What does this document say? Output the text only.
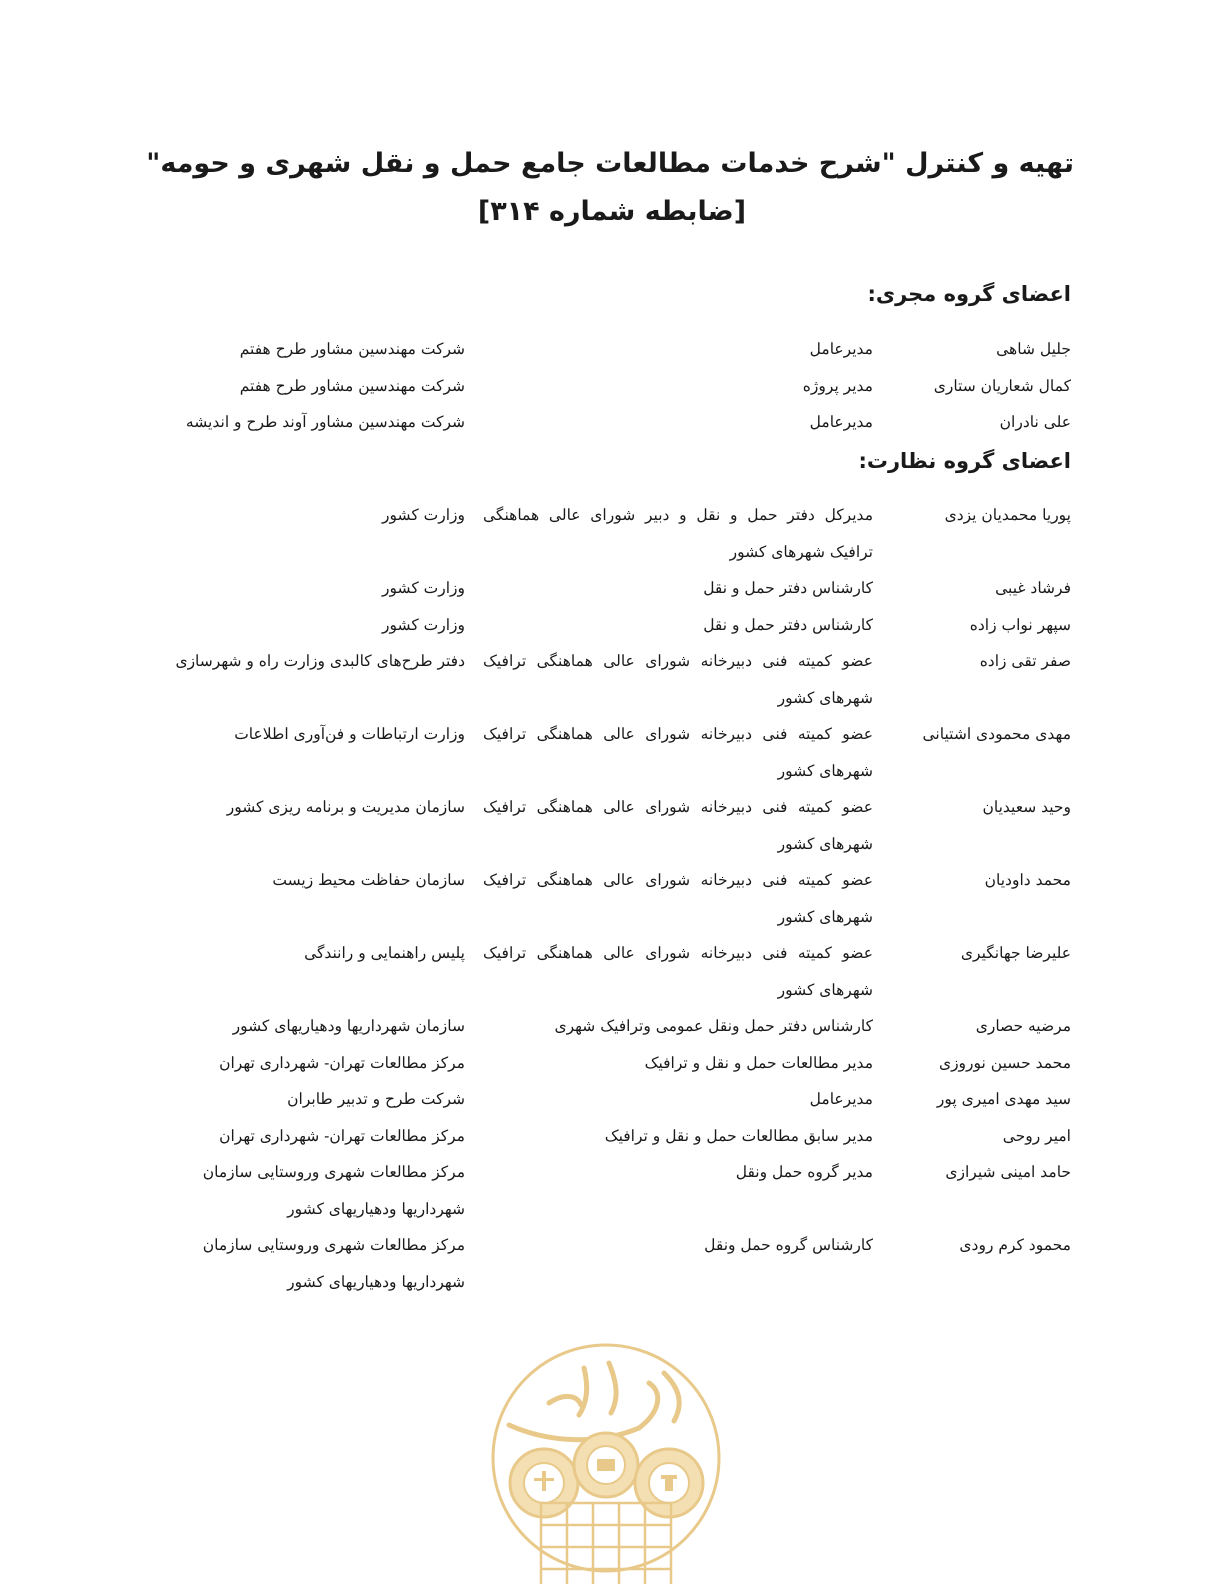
تهیه و کنترل "شرح خدمات مطالعات جامع حمل و نقل شهری و حومه"
[ضابطه شماره ۳۱۴]
اعضای گروه مجری:
جلیل شاهی
مدیرعامل
شرکت مهندسین مشاور طرح هفتم
کمال شعاریان ستاری
مدیر پروژه
شرکت مهندسین مشاور طرح هفتم
علی نادران
مدیرعامل
شرکت مهندسین مشاور آوند طرح و اندیشه
اعضای گروه نظارت:
پوریا محمدیان یزدی
مدیرکل دفتر حمل و نقل و دبیر شورای عالی هماهنگی ترافیک شهرهای کشور
وزارت کشور
فرشاد غیبی
کارشناس دفتر حمل و نقل
وزارت کشور
سپهر نواب زاده
کارشناس دفتر حمل و نقل
وزارت کشور
صفر تقی زاده
عضو کمیته فنی دبیرخانه شورای عالی هماهنگی ترافیک شهرهای کشور
دفتر طرح‌های کالبدی وزارت راه و شهرسازی
مهدی محمودی اشتیانی
عضو کمیته فنی دبیرخانه شورای عالی هماهنگی ترافیک شهرهای کشور
وزارت ارتباطات و فن‌آوری اطلاعات
وحید سعیدیان
عضو کمیته فنی دبیرخانه شورای عالی هماهنگی ترافیک شهرهای کشور
سازمان مدیریت و برنامه ریزی کشور
محمد داودیان
عضو کمیته فنی دبیرخانه شورای عالی هماهنگی ترافیک شهرهای کشور
سازمان حفاظت محیط زیست
علیرضا جهانگیری
عضو کمیته فنی دبیرخانه شورای عالی هماهنگی ترافیک شهرهای کشور
پلیس راهنمایی و رانندگی
مرضیه حصاری
کارشناس دفتر حمل ونقل عمومی وترافیک شهری
سازمان شهرداریها ودهیاریهای کشور
محمد حسین نوروزی
مدیر مطالعات حمل و نقل و ترافیک
مرکز مطالعات تهران- شهرداری تهران
سید مهدی امیری پور
مدیرعامل
شرکت طرح و تدبیر طابران
امیر روحی
مدیر سابق مطالعات حمل و نقل و ترافیک
مرکز مطالعات تهران- شهرداری تهران
حامد امینی شیرازی
مدیر گروه حمل ونقل
مرکز مطالعات شهری وروستایی سازمان شهرداریها ودهیاریهای کشور
محمود کرم رودی
کارشناس گروه حمل ونقل
مرکز مطالعات شهری وروستایی سازمان شهرداریها ودهیاریهای کشور
